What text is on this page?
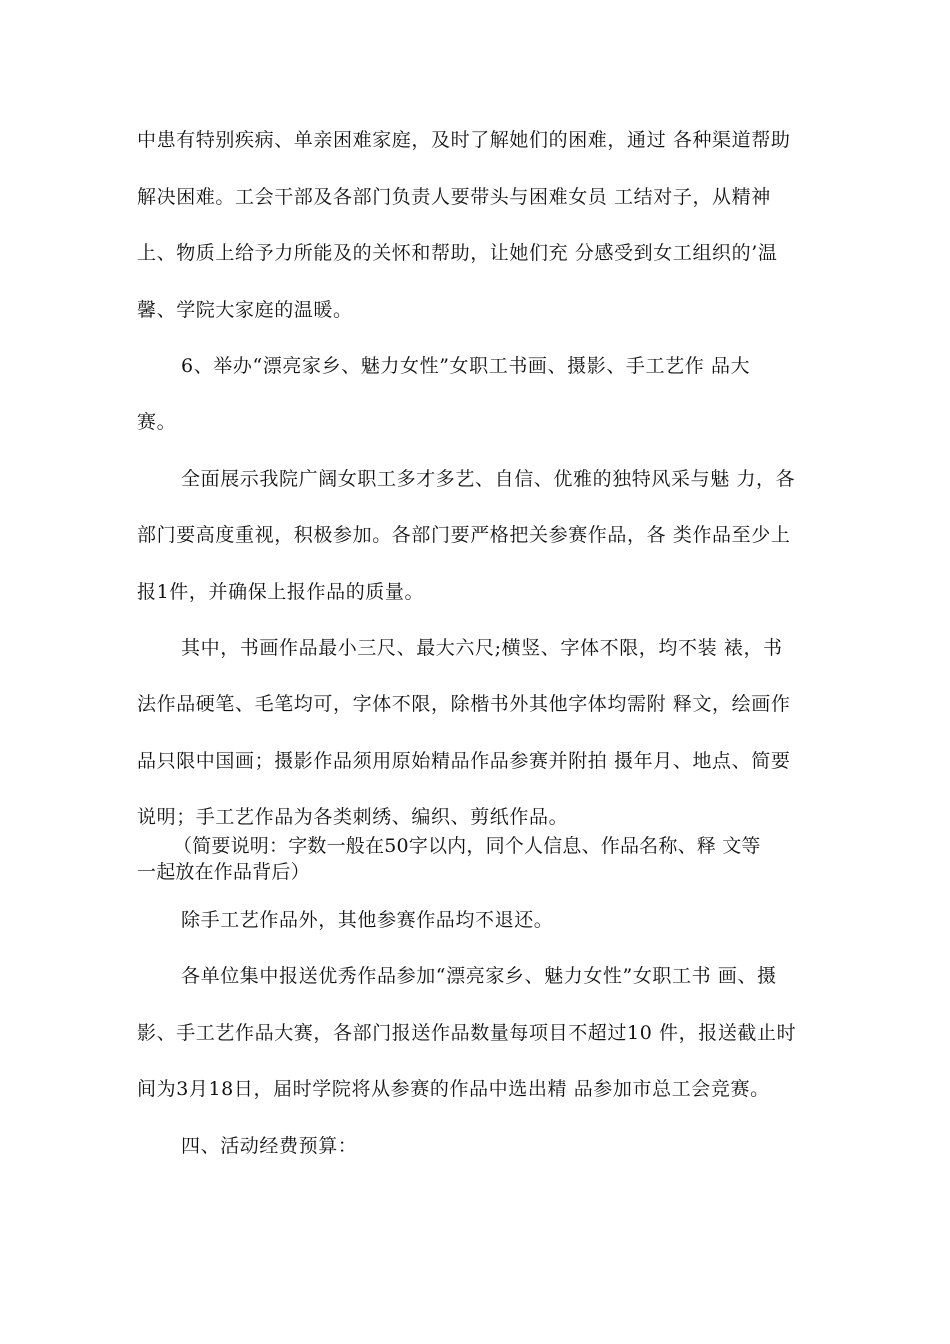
中患有特别疾病、单亲困难家庭，及时了解她们的困难，通过 各种渠道帮助
解决困难。工会干部及各部门负责人要带头与困难女员 工结对子，从精神
上、物质上给予力所能及的关怀和帮助，让她们充 分感受到女工组织的’温
馨、学院大家庭的温暖。
6、举办“漂亮家乡、魅力女性”女职工书画、摄影、手工艺作 品大
赛。
全面展示我院广阔女职工多才多艺、自信、优雅的独特风采与魅 力，各
部门要高度重视，积极参加。各部门要严格把关参赛作品，各 类作品至少上
报1件，并确保上报作品的质量。
其中，书画作品最小三尺、最大六尺;横竖、字体不限，均不装 裱，书
法作品硬笔、毛笔均可，字体不限，除楷书外其他字体均需附 释文，绘画作
品只限中国画；摄影作品须用原始精品作品参赛并附拍 摄年月、地点、简要
说明；手工艺作品为各类刺绣、编织、剪纸作品。
（简要说明：字数一般在50字以内，同个人信息、作品名称、释 文等
一起放在作品背后）
除手工艺作品外，其他参赛作品均不退还。
各单位集中报送优秀作品参加“漂亮家乡、魅力女性”女职工书 画、摄
影、手工艺作品大赛，各部门报送作品数量每项目不超过10 件，报送截止时
间为3月18日，届时学院将从参赛的作品中选出精 品参加市总工会竞赛。
四、活动经费预算：
